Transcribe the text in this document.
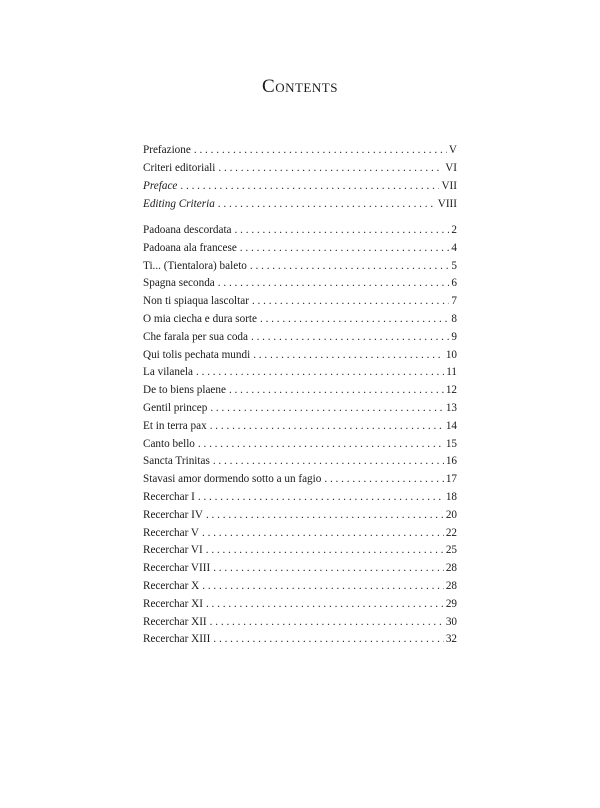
Contents
Prefazione . . .	V
Criteri editoriali . . .	VI
Preface . . .	VII
Editing Criteria . . .	VIII
Padoana descordata . . .	2
Padoana ala francese . . .	4
Ti... (Tientalora) baleto . . .	5
Spagna seconda . . .	6
Non ti spiaqua lascoltar . . .	7
O mia ciecha e dura sorte . . .	8
Che farala per sua coda . . .	9
Qui tolis pechata mundi . . .	10
La vilanela . . .	11
De to biens plaene . . .	12
Gentil princep . . .	13
Et in terra pax . . .	14
Canto bello . . .	15
Sancta Trinitas . . .	16
Stavasi amor dormendo sotto a un fagio . . .	17
Recerchar I . . .	18
Recerchar IV . . .	20
Recerchar V . . .	22
Recerchar VI . . .	25
Recerchar VIII . . .	28
Recerchar X . . .	28
Recerchar XI . . .	29
Recerchar XII . . .	30
Recerchar XIII . . .	32
